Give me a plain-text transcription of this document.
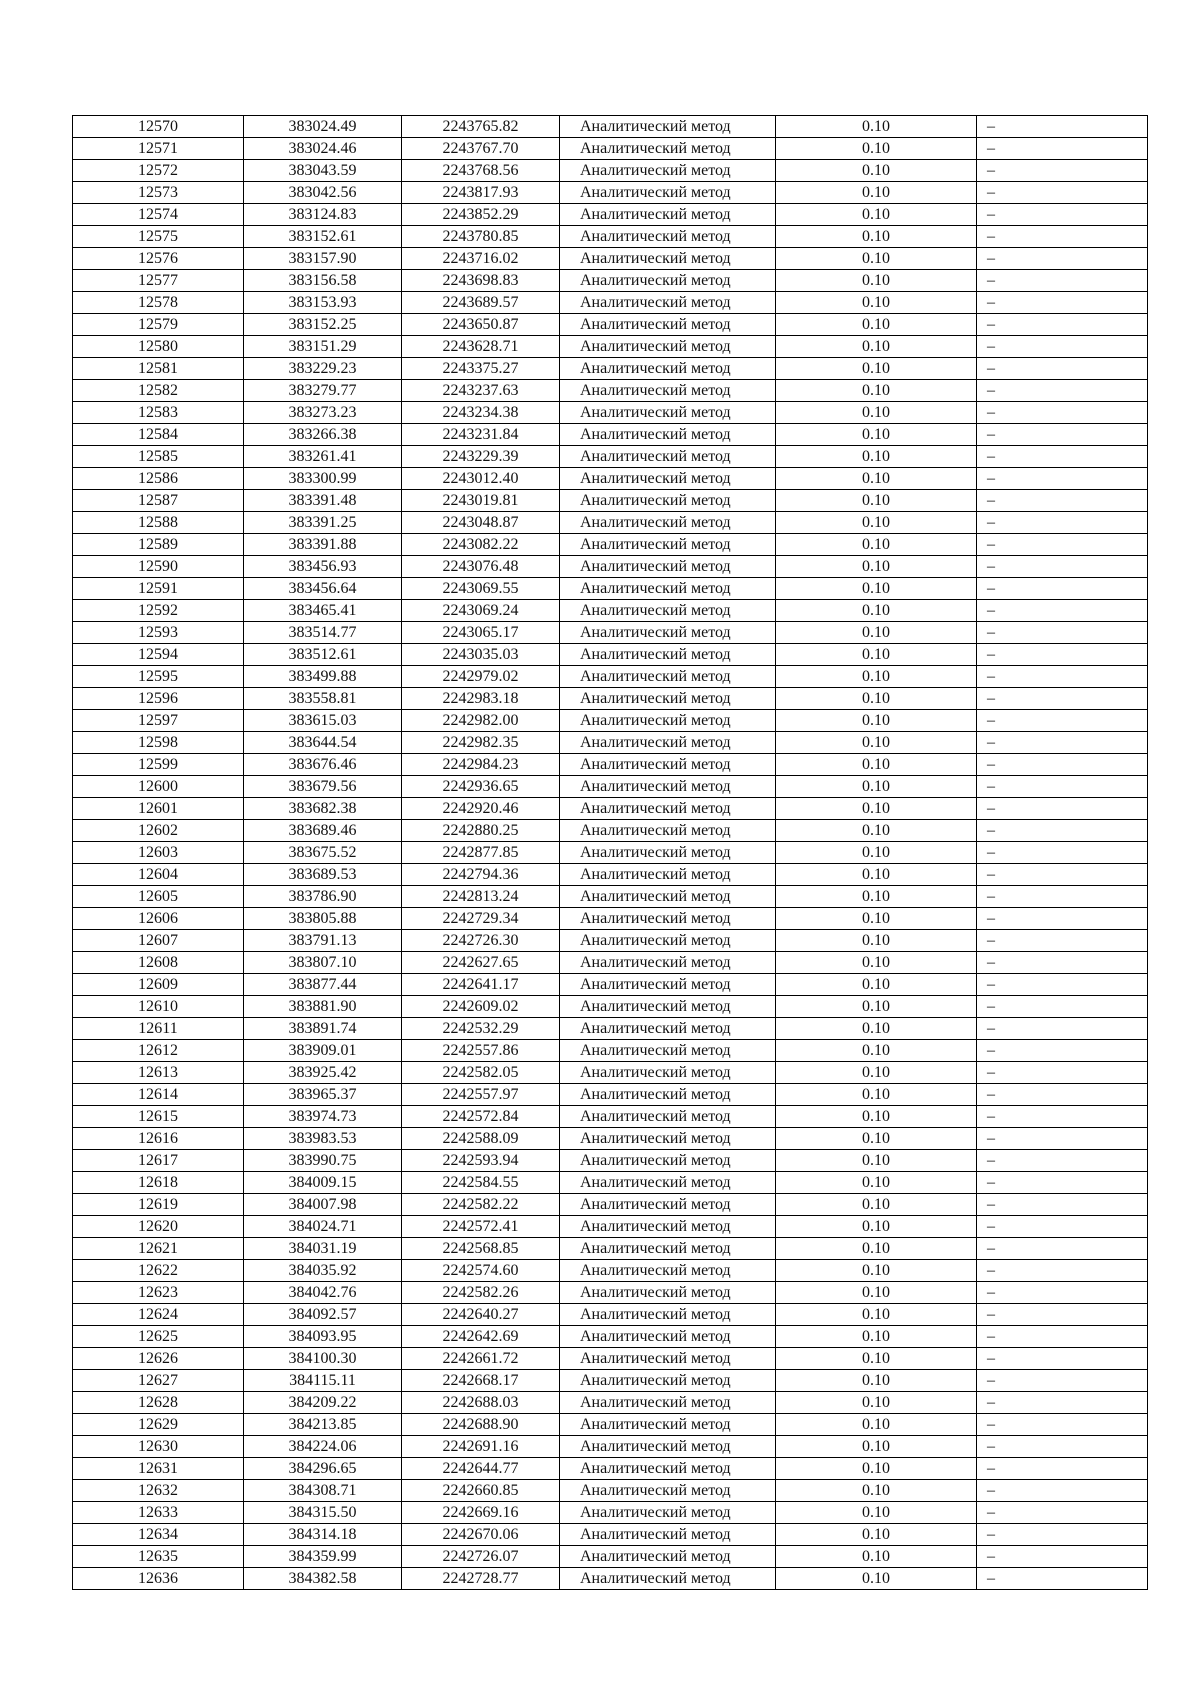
12570	383024.49	2243765.82	Аналитический метод	0.10	–
12571	383024.46	2243767.70	Аналитический метод	0.10	–
12572	383043.59	2243768.56	Аналитический метод	0.10	–
12573	383042.56	2243817.93	Аналитический метод	0.10	–
12574	383124.83	2243852.29	Аналитический метод	0.10	–
12575	383152.61	2243780.85	Аналитический метод	0.10	–
12576	383157.90	2243716.02	Аналитический метод	0.10	–
12577	383156.58	2243698.83	Аналитический метод	0.10	–
12578	383153.93	2243689.57	Аналитический метод	0.10	–
12579	383152.25	2243650.87	Аналитический метод	0.10	–
12580	383151.29	2243628.71	Аналитический метод	0.10	–
12581	383229.23	2243375.27	Аналитический метод	0.10	–
12582	383279.77	2243237.63	Аналитический метод	0.10	–
12583	383273.23	2243234.38	Аналитический метод	0.10	–
12584	383266.38	2243231.84	Аналитический метод	0.10	–
12585	383261.41	2243229.39	Аналитический метод	0.10	–
12586	383300.99	2243012.40	Аналитический метод	0.10	–
12587	383391.48	2243019.81	Аналитический метод	0.10	–
12588	383391.25	2243048.87	Аналитический метод	0.10	–
12589	383391.88	2243082.22	Аналитический метод	0.10	–
12590	383456.93	2243076.48	Аналитический метод	0.10	–
12591	383456.64	2243069.55	Аналитический метод	0.10	–
12592	383465.41	2243069.24	Аналитический метод	0.10	–
12593	383514.77	2243065.17	Аналитический метод	0.10	–
12594	383512.61	2243035.03	Аналитический метод	0.10	–
12595	383499.88	2242979.02	Аналитический метод	0.10	–
12596	383558.81	2242983.18	Аналитический метод	0.10	–
12597	383615.03	2242982.00	Аналитический метод	0.10	–
12598	383644.54	2242982.35	Аналитический метод	0.10	–
12599	383676.46	2242984.23	Аналитический метод	0.10	–
12600	383679.56	2242936.65	Аналитический метод	0.10	–
12601	383682.38	2242920.46	Аналитический метод	0.10	–
12602	383689.46	2242880.25	Аналитический метод	0.10	–
12603	383675.52	2242877.85	Аналитический метод	0.10	–
12604	383689.53	2242794.36	Аналитический метод	0.10	–
12605	383786.90	2242813.24	Аналитический метод	0.10	–
12606	383805.88	2242729.34	Аналитический метод	0.10	–
12607	383791.13	2242726.30	Аналитический метод	0.10	–
12608	383807.10	2242627.65	Аналитический метод	0.10	–
12609	383877.44	2242641.17	Аналитический метод	0.10	–
12610	383881.90	2242609.02	Аналитический метод	0.10	–
12611	383891.74	2242532.29	Аналитический метод	0.10	–
12612	383909.01	2242557.86	Аналитический метод	0.10	–
12613	383925.42	2242582.05	Аналитический метод	0.10	–
12614	383965.37	2242557.97	Аналитический метод	0.10	–
12615	383974.73	2242572.84	Аналитический метод	0.10	–
12616	383983.53	2242588.09	Аналитический метод	0.10	–
12617	383990.75	2242593.94	Аналитический метод	0.10	–
12618	384009.15	2242584.55	Аналитический метод	0.10	–
12619	384007.98	2242582.22	Аналитический метод	0.10	–
12620	384024.71	2242572.41	Аналитический метод	0.10	–
12621	384031.19	2242568.85	Аналитический метод	0.10	–
12622	384035.92	2242574.60	Аналитический метод	0.10	–
12623	384042.76	2242582.26	Аналитический метод	0.10	–
12624	384092.57	2242640.27	Аналитический метод	0.10	–
12625	384093.95	2242642.69	Аналитический метод	0.10	–
12626	384100.30	2242661.72	Аналитический метод	0.10	–
12627	384115.11	2242668.17	Аналитический метод	0.10	–
12628	384209.22	2242688.03	Аналитический метод	0.10	–
12629	384213.85	2242688.90	Аналитический метод	0.10	–
12630	384224.06	2242691.16	Аналитический метод	0.10	–
12631	384296.65	2242644.77	Аналитический метод	0.10	–
12632	384308.71	2242660.85	Аналитический метод	0.10	–
12633	384315.50	2242669.16	Аналитический метод	0.10	–
12634	384314.18	2242670.06	Аналитический метод	0.10	–
12635	384359.99	2242726.07	Аналитический метод	0.10	–
12636	384382.58	2242728.77	Аналитический метод	0.10	–
